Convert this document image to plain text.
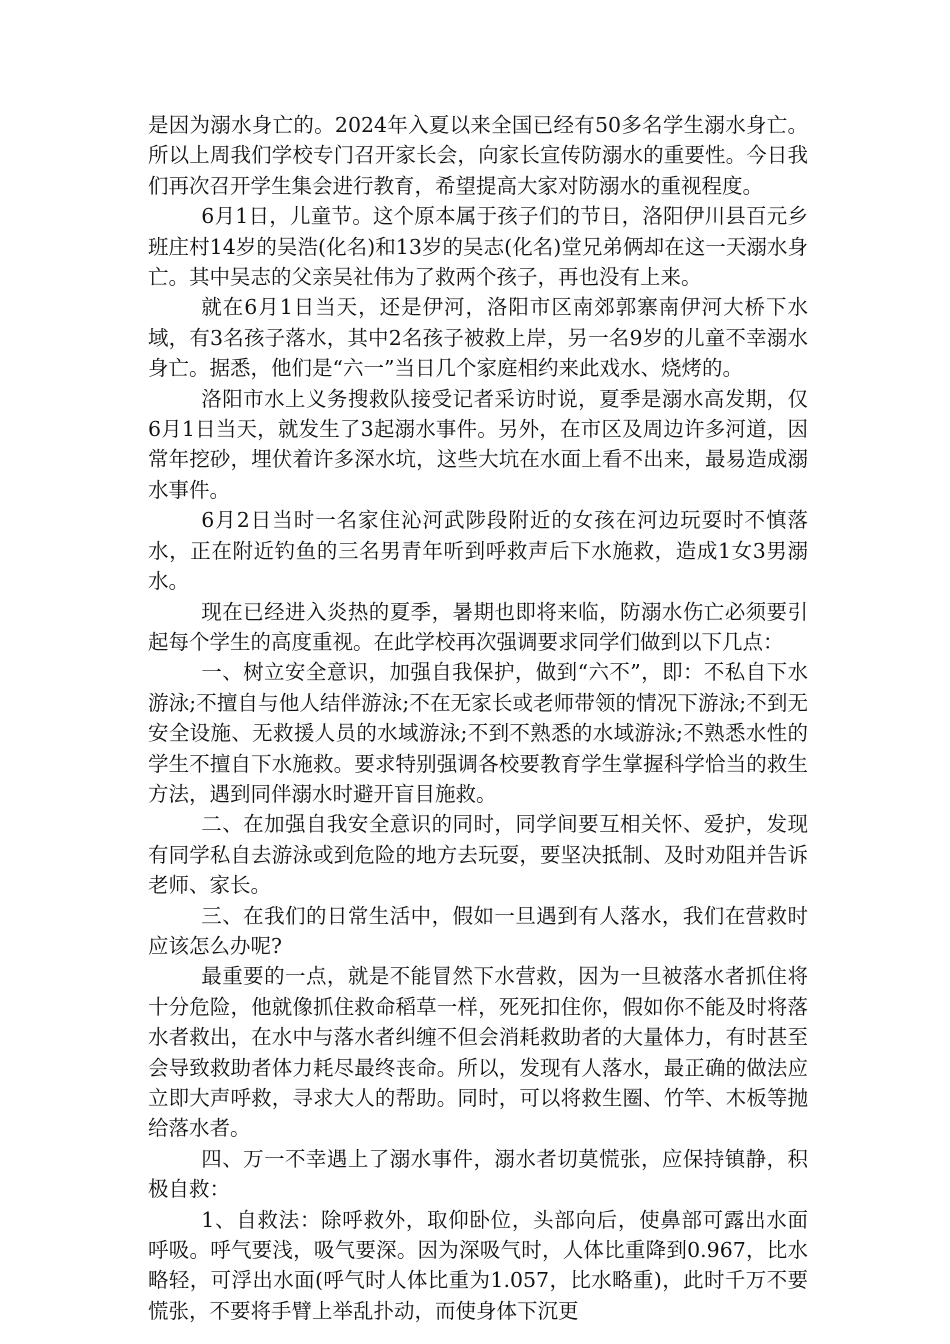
是因为溺水身亡的。2024年入夏以来全国已经有50多名学生溺水身亡。所以上周我们学校专门召开家长会，向家长宣传防溺水的重要性。今日我们再次召开学生集会进行教育，希望提高大家对防溺水的重视程度。

6月1日，儿童节。这个原本属于孩子们的节日，洛阳伊川县百元乡班庄村14岁的吴浩(化名)和13岁的吴志(化名)堂兄弟俩却在这一天溺水身亡。其中吴志的父亲吴社伟为了救两个孩子，再也没有上来。

就在6月1日当天，还是伊河，洛阳市区南郊郭寨南伊河大桥下水域，有3名孩子落水，其中2名孩子被救上岸，另一名9岁的儿童不幸溺水身亡。据悉，他们是“六一”当日几个家庭相约来此戏水、烧烤的。

洛阳市水上义务搜救队接受记者采访时说，夏季是溺水高发期，仅6月1日当天，就发生了3起溺水事件。另外，在市区及周边许多河道，因常年挖砂，埋伏着许多深水坑，这些大坑在水面上看不出来，最易造成溺水事件。

6月2日当时一名家住沁河武陟段附近的女孩在河边玩耍时不慎落水，正在附近钓鱼的三名男青年听到呼救声后下水施救，造成1女3男溺水。

现在已经进入炎热的夏季，暑期也即将来临，防溺水伤亡必须要引起每个学生的高度重视。在此学校再次强调要求同学们做到以下几点：

一、树立安全意识，加强自我保护，做到“六不”，即：不私自下水游泳;不擅自与他人结伴游泳;不在无家长或老师带领的情况下游泳;不到无安全设施、无救援人员的水域游泳;不到不熟悉的水域游泳;不熟悉水性的学生不擅自下水施救。要求特别强调各校要教育学生掌握科学恰当的救生方法，遇到同伴溺水时避开盲目施救。

二、在加强自我安全意识的同时，同学间要互相关怀、爱护，发现有同学私自去游泳或到危险的地方去玩耍，要坚决抵制、及时劝阻并告诉老师、家长。

三、在我们的日常生活中，假如一旦遇到有人落水，我们在营救时应该怎么办呢?

最重要的一点，就是不能冒然下水营救，因为一旦被落水者抓住将十分危险，他就像抓住救命稻草一样，死死扣住你，假如你不能及时将落水者救出，在水中与落水者纠缠不但会消耗救助者的大量体力，有时甚至会导致救助者体力耗尽最终丧命。所以，发现有人落水，最正确的做法应立即大声呼救，寻求大人的帮助。同时，可以将救生圈、竹竿、木板等抛给落水者。

四、万一不幸遇上了溺水事件，溺水者切莫慌张，应保持镇静，积极自救：

1、自救法：除呼救外，取仰卧位，头部向后，使鼻部可露出水面呼吸。呼气要浅，吸气要深。因为深吸气时，人体比重降到0.967，比水略轻，可浮出水面(呼气时人体比重为1.057，比水略重)，此时千万不要慌张，不要将手臂上举乱扑动，而使身体下沉更
